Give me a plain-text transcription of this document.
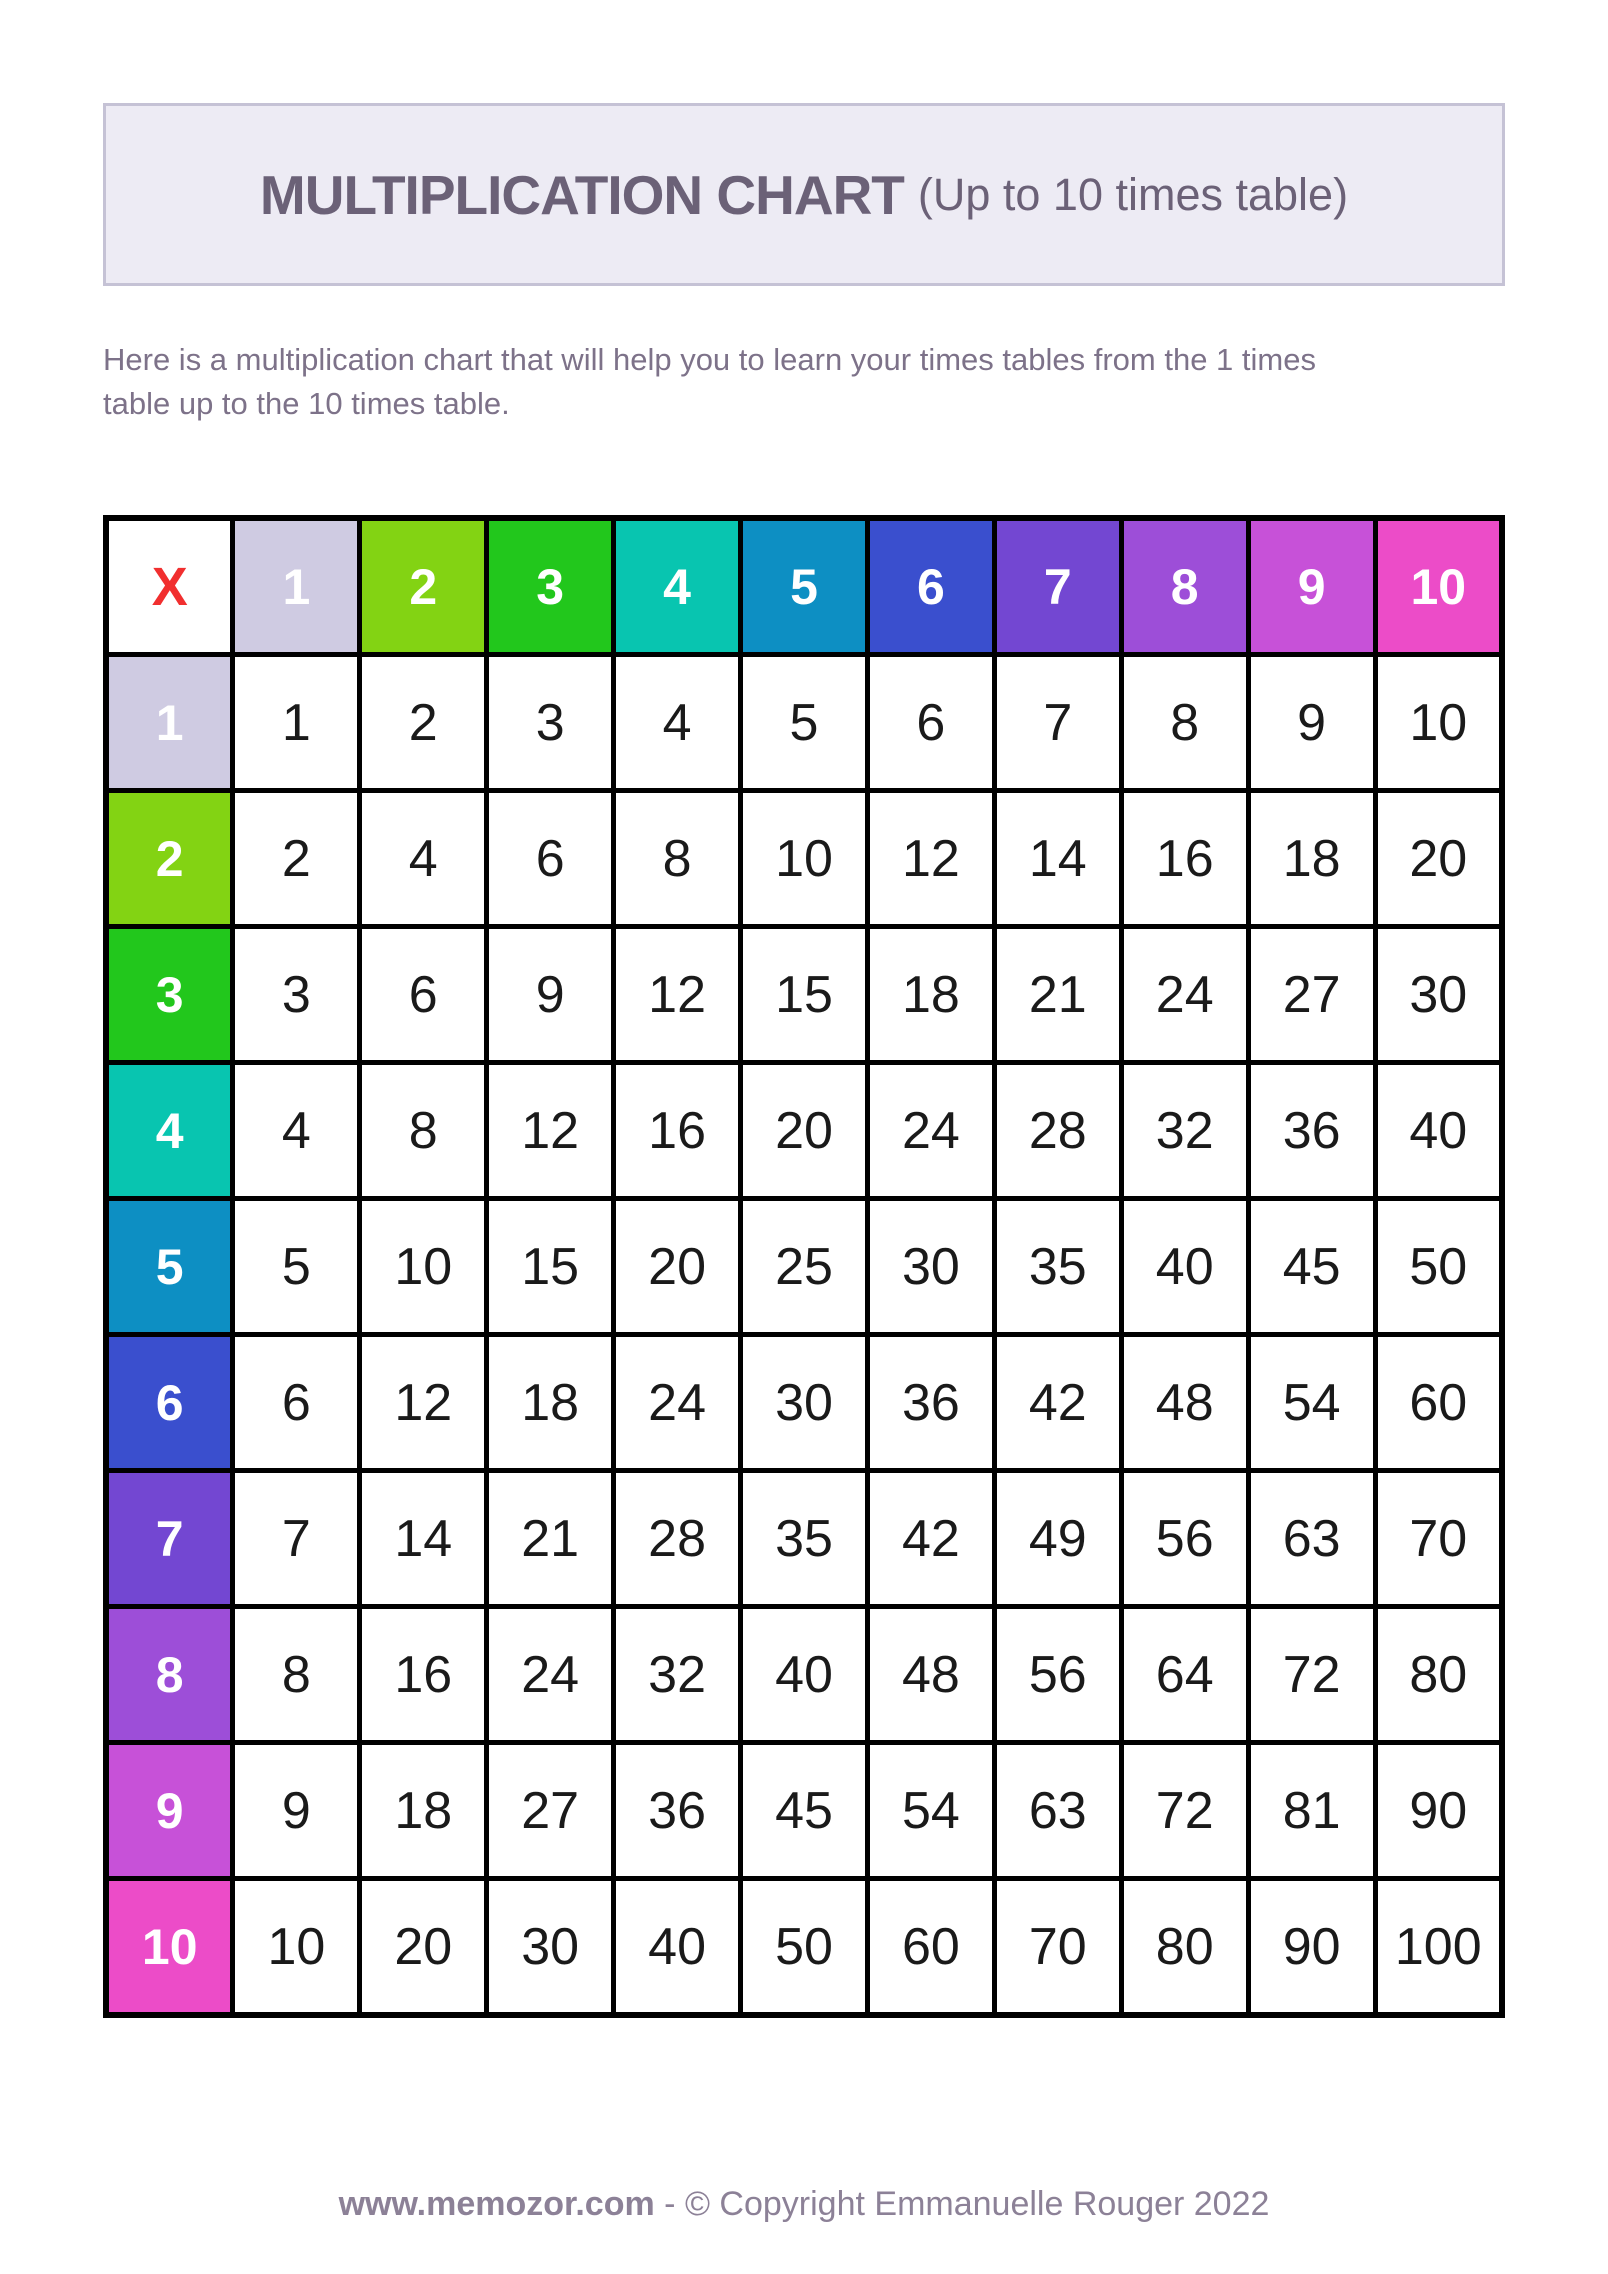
MULTIPLICATION CHART (Up to 10 times table)
Here is a multiplication chart that will help you to learn your times tables from the 1 times
table up to the 10 times table.
X	1	2	3	4	5	6	7	8	9	10
1	1	2	3	4	5	6	7	8	9	10
2	2	4	6	8	10	12	14	16	18	20
3	3	6	9	12	15	18	21	24	27	30
4	4	8	12	16	20	24	28	32	36	40
5	5	10	15	20	25	30	35	40	45	50
6	6	12	18	24	30	36	42	48	54	60
7	7	14	21	28	35	42	49	56	63	70
8	8	16	24	32	40	48	56	64	72	80
9	9	18	27	36	45	54	63	72	81	90
10	10	20	30	40	50	60	70	80	90	100
www.memozor.com - © Copyright Emmanuelle Rouger 2022
